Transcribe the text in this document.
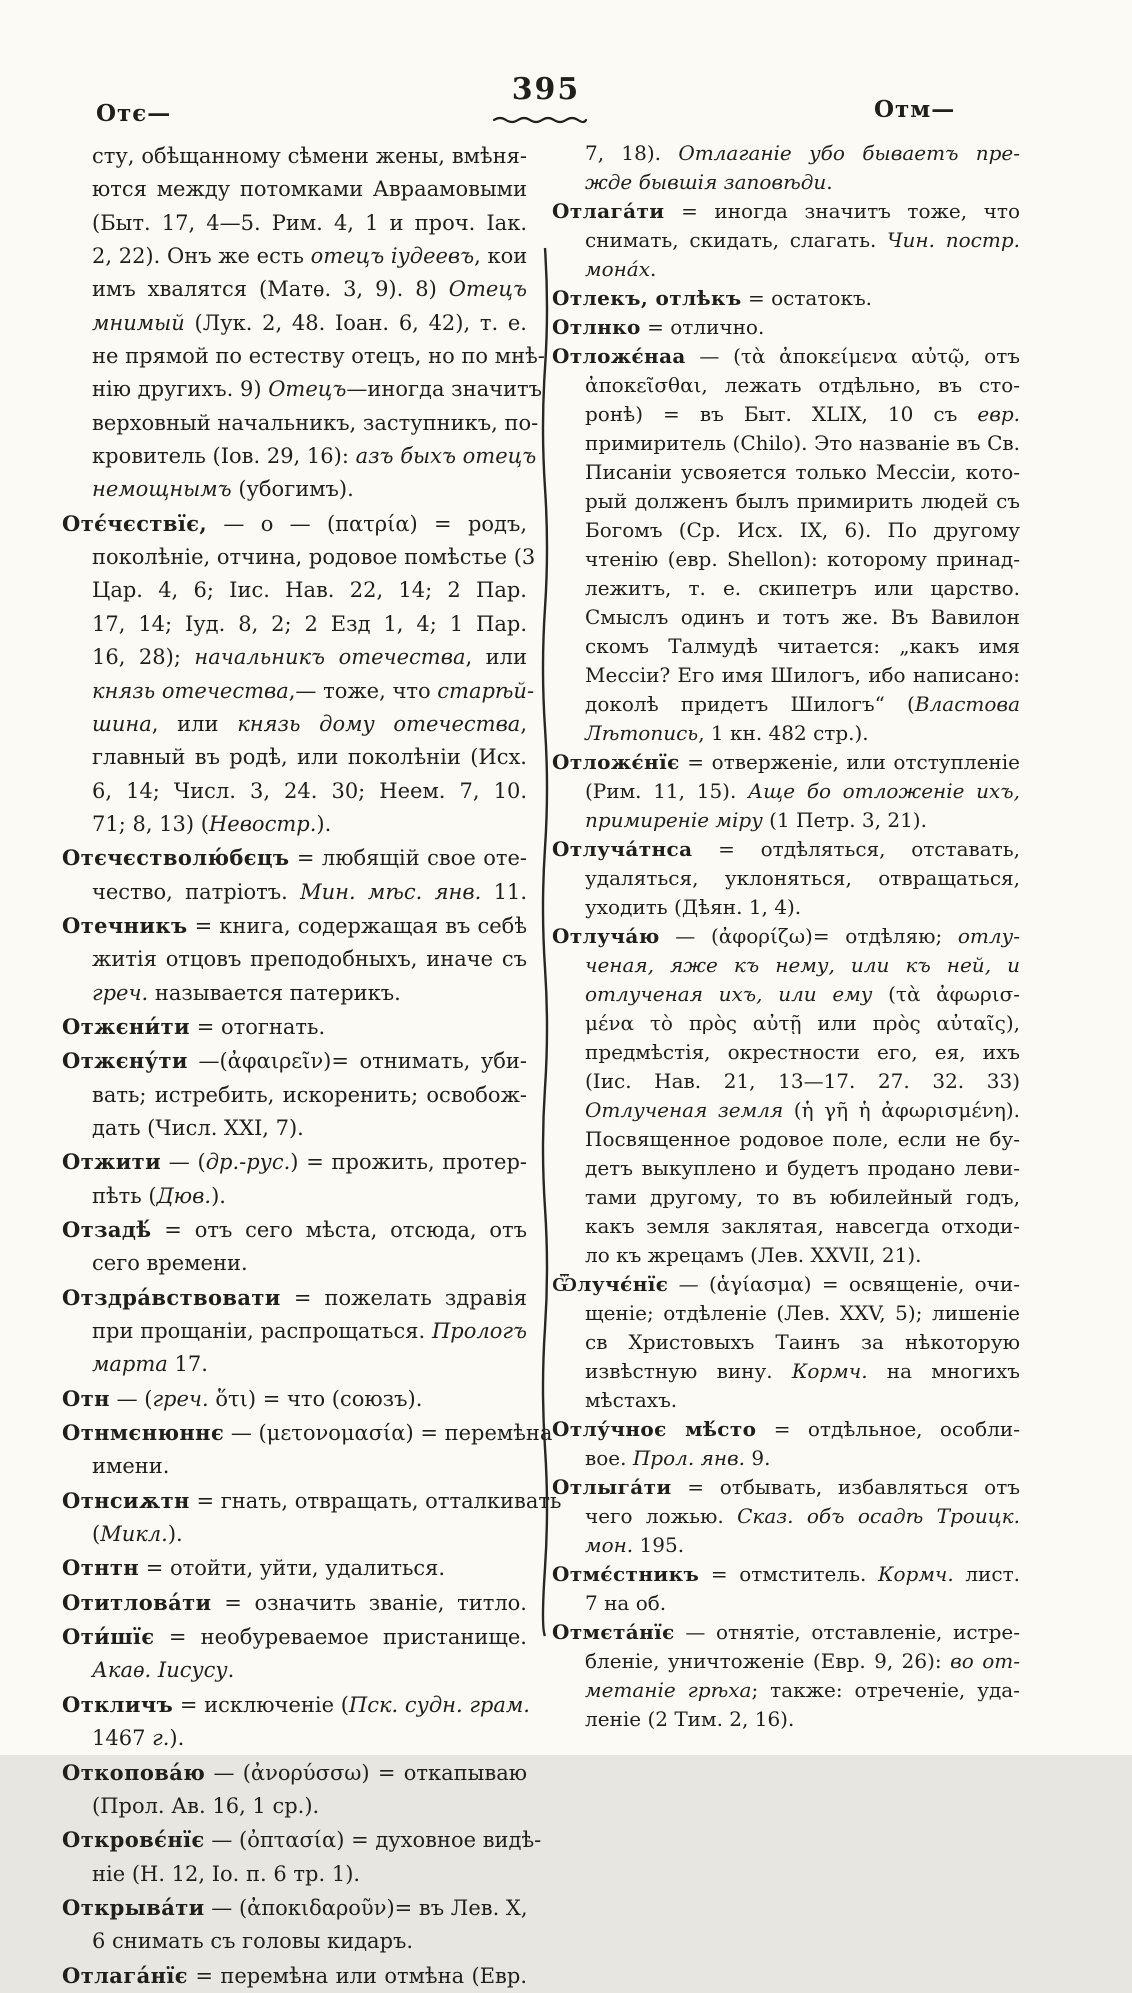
Отє—
395
Отм—
сту, обѣщанному сѣмени жены, вмѣня-
ются между потомками Авраамовыми
(Быт. 17, 4—5. Рим. 4, 1 и проч. Іак.
2, 22). Онъ же есть отецъ іудеевъ, кои
имъ хвалятся (Матѳ. 3, 9). 8) Отецъ
мнимый (Лук. 2, 48. Іоан. 6, 42), т. е.
не прямой по естеству отецъ, но по мнѣ-
нію другихъ. 9) Отецъ—иногда значитъ
верховный начальникъ, заступникъ, по-
кровитель (Іов. 29, 16): азъ быхъ отецъ
немощнымъ (убогимъ).
Отє́чєствїє, — о — (πατρία) = родъ,
поколѣніе, отчина, родовое помѣстье (3
Цар. 4, 6; Іис. Нав. 22, 14; 2 Пар.
17, 14; Іуд. 8, 2; 2 Езд 1, 4; 1 Пар.
16, 28); начальникъ отечества, или
князь отечества,— тоже, что старѣй-
шина, или князь дому отечества,
главный въ родѣ, или поколѣніи (Исх.
6, 14; Числ. 3, 24. 30; Неем. 7, 10.
71; 8, 13) (Невостр.).
Отєчєстволю́бєцъ = любящій свое оте-
чество, патріотъ. Мин. мѣс. янв. 11.
Отечникъ = книга, содержащая въ себѣ
житія отцовъ преподобныхъ, иначе съ
греч. называется патерикъ.
Отжєни́ти = отогнать.
Отжєну́ти —(ἀφαιρεῖν)= отнимать, уби-
вать; истребить, искоренить; освобож-
дать (Числ. XXI, 7).
Отжити — (др.-рус.) = прожить, протер-
пѣть (Дюв.).
Отзадѣ́ = отъ сего мѣста, отсюда, отъ
сего времени.
Отздра́вствовати = пожелать здравія
при прощаніи, распрощаться. Прологъ
марта 17.
Отн — (греч. ὅτι) = что (союзъ).
Отнмєнюннє — (μετονομασία) = перемѣна
имени.
Отнсиѫтн = гнать, отвращать, отталкивать
(Микл.).
Отнтн = отойти, уйти, удалиться.
Отитлова́ти = означить званіе, титло.
Оти́шїє = необуреваемое пристанище.
Акаѳ. Іисусу.
Откличъ = исключеніе (Пск. судн. грам.
1467 г.).
Откопова́ю — (ἀνορύσσω) = откапываю
(Прол. Ав. 16, 1 ср.).
Откровє́нїє — (ὀπτασία) = духовное видѣ-
ніе (Н. 12, Іо. п. 6 тр. 1).
Открыва́ти — (ἀποκιδαροῦν)= въ Лев. X,
6 снимать съ головы кидаръ.
Отлага́нїє = перемѣна или отмѣна (Евр.
7, 18). Отлаганіе убо бываетъ пре-
жде бывшія заповѣди.
Отлага́ти = иногда значитъ тоже, что
снимать, скидать, слагать. Чин. постр.
мона́х.
Отлекъ, отлѣкъ = остатокъ.
Отлнко = отлично.
Отложє́наа — (τὰ ἀποκείμενα αὐτῷ, отъ
ἀποκεῖσθαι, лежать отдѣльно, въ сто-
ронѣ) = въ Быт. XLIX, 10 съ евр.
примиритель (Chilo). Это названіе въ Св.
Писаніи усвояется только Мессіи, кото-
рый долженъ былъ примирить людей съ
Богомъ (Ср. Исх. IX, 6). По другому
чтенію (евр. Shellon): которому принад-
лежитъ, т. е. скипетръ или царство.
Смыслъ одинъ и тотъ же. Въ Вавилон
скомъ Талмудѣ читается: „какъ имя
Мессіи? Его имя Шилогъ, ибо написано:
доколѣ придетъ Шилогъ“ (Властова
Лѣтопись, 1 кн. 482 стр.).
Отложє́нїє = отверженіе, или отступленіе
(Рим. 11, 15). Аще бо отложеніе ихъ,
примиреніе міру (1 Петр. 3, 21).
Отлуча́тнса = отдѣляться, отставать,
удаляться, уклоняться, отвращаться,
уходить (Дѣян. 1, 4).
Отлуча́ю — (ἀφορίζω)= отдѣляю; отлу-
ченая, яже къ нему, или къ ней, и
отлученая ихъ, или ему (τὰ ἀφωρισ-
μένα τὸ πρὸς αὐτῇ или πρὸς αὐταῖς),
предмѣстія, окрестности его, ея, ихъ
(Іис. Нав. 21, 13—17. 27. 32. 33)
Отлученая земля (ἡ γῆ ἡ ἀφωρισμένη).
Посвященное родовое поле, если не бу-
детъ выкуплено и будетъ продано леви-
тами другому, то въ юбилейный годъ,
какъ земля заклятая, навсегда отходи-
ло къ жрецамъ (Лев. XXVII, 21).
Ѿлучє́нїє — (ἁγίασμα) = освященіе, очи-
щеніе; отдѣленіе (Лев. XXV, 5); лишеніе
св Христовыхъ Таинъ за нѣкоторую
извѣстную вину. Кормч. на многихъ
мѣстахъ.
Отлу́чноє мѣ́сто = отдѣльное, особли-
вое. Прол. янв. 9.
Отлыга́ти = отбывать, избавляться отъ
чего ложью. Сказ. объ осадѣ Троицк.
мон. 195.
Отмє́стникъ = отмститель. Кормч. лист.
7 на об.
Отмєта́нїє — отнятіе, отставленіе, истре-
бленіе, уничтоженіе (Евр. 9, 26): во от-
метаніе грѣха; также: отреченіе, уда-
леніе (2 Тим. 2, 16).
